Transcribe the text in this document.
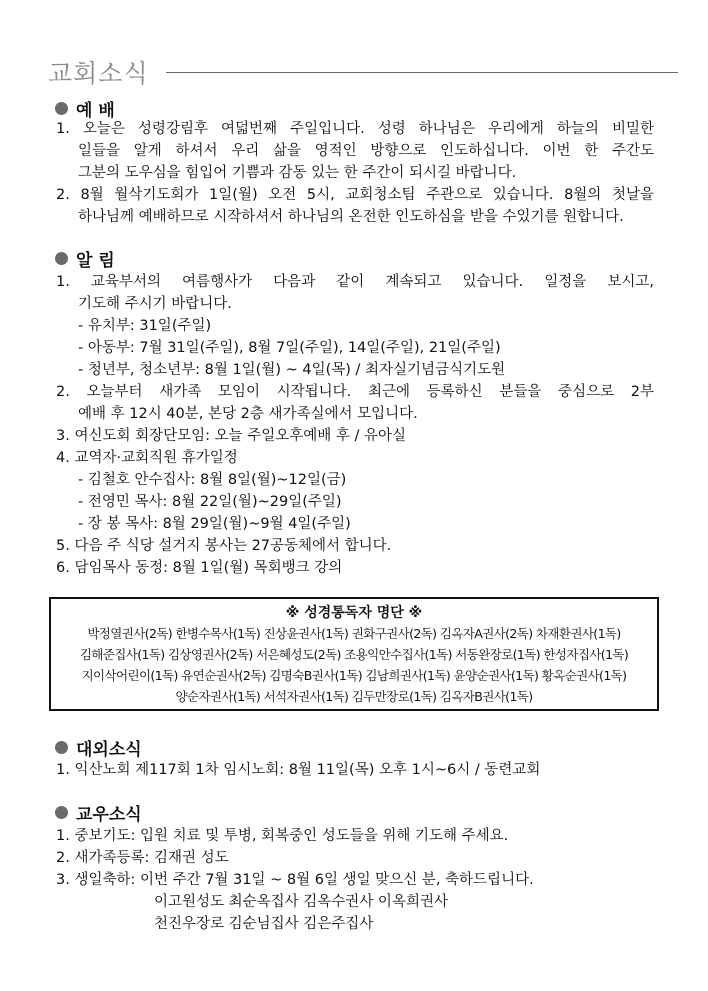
교회소식
예 배
1. 오늘은 성령강림후 여덟번째 주일입니다. 성령 하나님은 우리에게 하늘의 비밀한
일들을 알게 하셔서 우리 삶을 영적인 방향으로 인도하십니다. 이번 한 주간도
그분의 도우심을 힘입어 기쁨과 감동 있는 한 주간이 되시길 바랍니다.
2. 8월 월삭기도회가 1일(월) 오전 5시, 교회청소팀 주관으로 있습니다. 8월의 첫날을
하나님께 예배하므로 시작하셔서 하나님의 온전한 인도하심을 받을 수있기를 원합니다.
알 림
1. 교육부서의 여름행사가 다음과 같이 계속되고 있습니다. 일정을 보시고,
기도해 주시기 바랍니다.
- 유치부: 31일(주일)
- 아동부: 7월 31일(주일), 8월 7일(주일), 14일(주일), 21일(주일)
- 청년부, 청소년부: 8월 1일(월) ~ 4일(목) / 최자실기념금식기도원
2. 오늘부터 새가족 모임이 시작됩니다. 최근에 등록하신 분들을 중심으로 2부
예배 후 12시 40분, 본당 2층 새가족실에서 모입니다.
3. 여신도회 회장단모임: 오늘 주일오후예배 후 / 유아실
4. 교역자·교회직원 휴가일정
- 김철호 안수집사: 8월 8일(월)~12일(금)
- 전영민 목사: 8월 22일(월)~29일(주일)
- 장 봉 목사: 8월 29일(월)~9월 4일(주일)
5. 다음 주 식당 설거지 봉사는 27공동체에서 합니다.
6. 담임목사 동정: 8월 1일(월) 목회뱅크 강의
※ 성경통독자 명단 ※
박정열권사(2독) 한병수목사(1독) 진상윤권사(1독) 권화구권사(2독) 김옥자A권사(2독) 차재환권사(1독)
김해준집사(1독) 김상영권사(2독) 서은혜성도(2독) 조용익안수집사(1독) 서동완장로(1독) 한성자집사(1독)
지이삭어린이(1독) 유연순권사(2독) 김명숙B권사(1독) 김남희권사(1독) 윤양순권사(1독) 황옥순권사(1독)
양순자권사(1독) 서석자권사(1독) 김두만장로(1독) 김옥자B권사(1독)
대외소식
1. 익산노회 제117회 1차 임시노회: 8월 11일(목) 오후 1시~6시 / 동련교회
교우소식
1. 중보기도: 입원 치료 및 투병, 회복중인 성도들을 위해 기도해 주세요.
2. 새가족등록: 김재권 성도
3. 생일축하: 이번 주간 7월 31일 ~ 8월 6일 생일 맞으신 분, 축하드립니다.
이고원성도 최순옥집사 김옥수권사 이옥희권사
천진우장로 김순님집사 김은주집사
